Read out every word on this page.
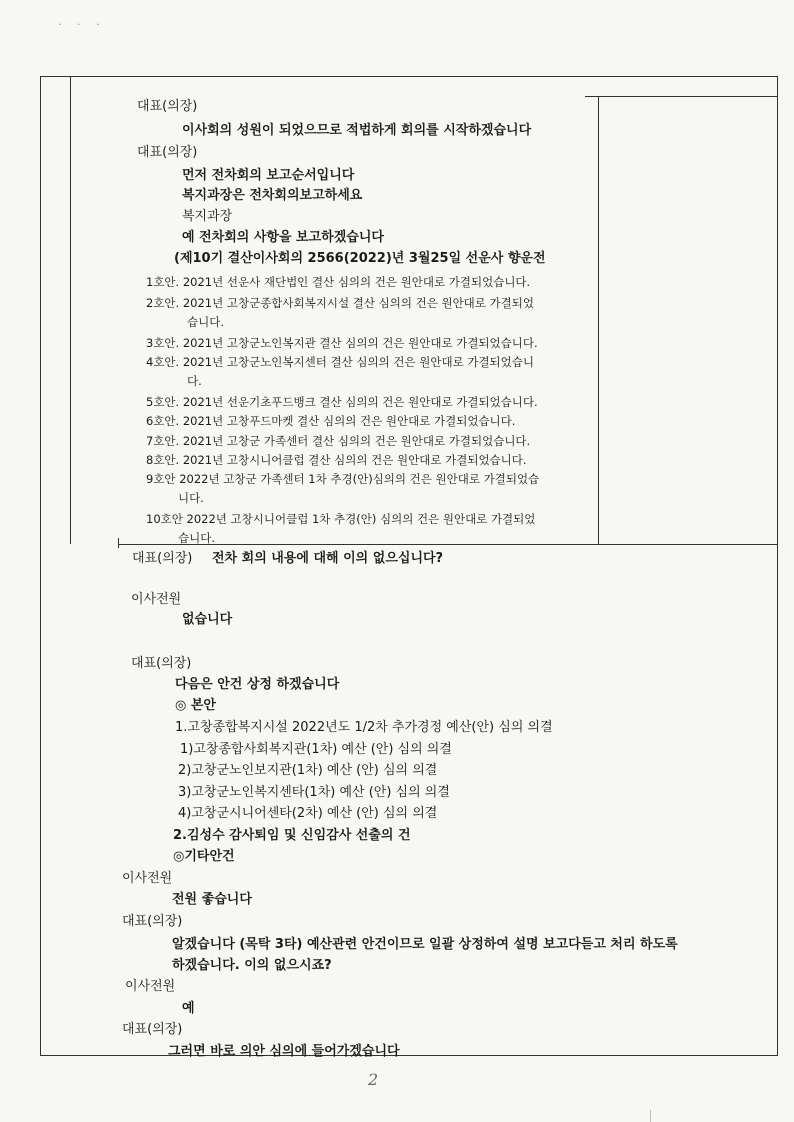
· · ·
대표(의장)
이사회의 성원이 되었으므로 적법하게 회의를 시작하겠습니다
대표(의장)
먼저 전차회의 보고순서입니다
복지과장은 전차회의보고하세요
복지과장
예 전차회의 사항을 보고하겠습니다
(제10기 결산이사회의 2566(2022)년 3월25일 선운사 향운전
1호안. 2021년 선운사 재단법인 결산 심의의 건은 원안대로 가결되었습니다.
2호안. 2021년 고창군종합사회복지시설 결산 심의의 건은 원안대로 가결되었
습니다.
3호안. 2021년 고창군노인복지관 결산 심의의 건은 원안대로 가결되었습니다.
4호안. 2021년 고창군노인복지센터 결산 심의의 건은 원안대로 가결되었습니
다.
5호안. 2021년 선운기초푸드뱅크 결산 심의의 건은 원안대로 가결되었습니다.
6호안. 2021년 고창푸드마켓 결산 심의의 건은 원안대로 가결되었습니다.
7호안. 2021년 고창군 가족센터 결산 심의의 건은 원안대로 가결되었습니다.
8호안. 2021년 고창시니어클럽 결산 심의의 건은 원안대로 가결되었습니다.
9호안 2022년 고창군 가족센터 1차 추경(안)심의의 건은 원안대로 가결되었습
니다.
10호안 2022년 고창시니어클럽 1차 추경(안) 심의의 건은 원안대로 가결되었
습니다.
대표(의장) 전차 회의 내용에 대해 이의 없으십니다?
이사전원
없습니다
대표(의장)
다음은 안건 상정 하겠습니다
◎ 본안
1.고창종합복지시설 2022년도 1/2차 추가경정 예산(안) 심의 의결
1)고창종합사회복지관(1차) 예산 (안) 심의 의결
2)고창군노인보지관(1차) 예산 (안) 심의 의결
3)고창군노인복지센타(1차) 예산 (안) 심의 의결
4)고창군시니어센타(2차) 예산 (안) 심의 의결
2.김성수 감사퇴임 및 신임감사 선출의 건
◎기타안건
이사전원
전원 좋습니다
대표(의장)
알겠습니다 (목탁 3타) 예산관련 안건이므로 일괄 상정하여 설명 보고다듣고 처리 하도록
하겠습니다. 이의 없으시죠?
이사전원
예
대표(의장)
그러면 바로 의안 심의에 들어가겠습니다
2
